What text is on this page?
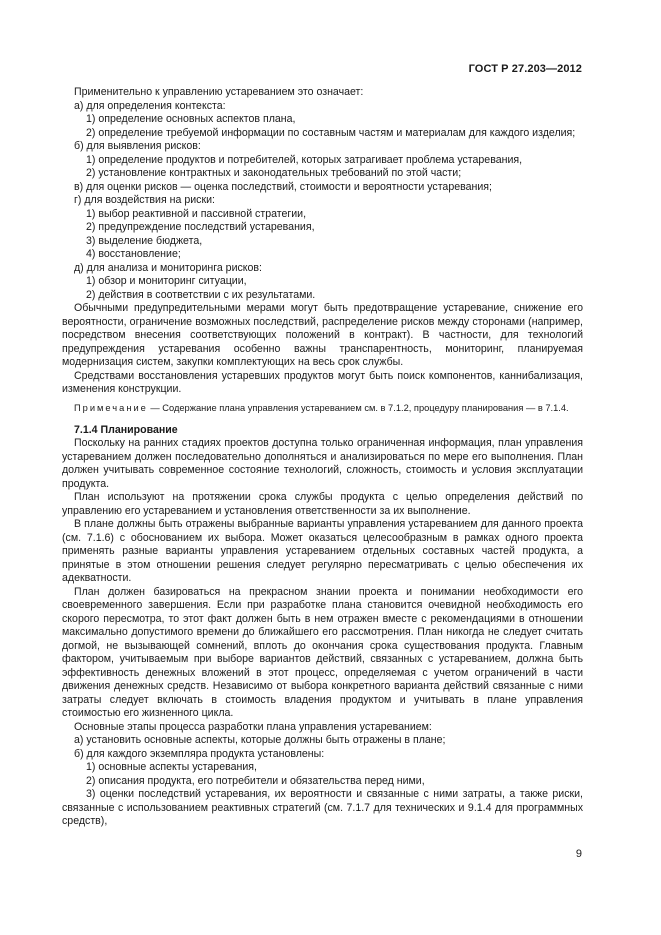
ГОСТ Р 27.203—2012

Применительно к управлению устареванием это означает:

а) для определения контекста:

1) определение основных аспектов плана,

2) определение требуемой информации по составным частям и материалам для каждого изделия;

б) для выявления рисков:

1) определение продуктов и потребителей, которых затрагивает проблема устаревания,

2) установление контрактных и законодательных требований по этой части;

в) для оценки рисков — оценка последствий, стоимости и вероятности устаревания;

г) для воздействия на риски:

1) выбор реактивной и пассивной стратегии,

2) предупреждение последствий устаревания,

3) выделение бюджета,

4) восстановление;

д) для анализа и мониторинга рисков:

1) обзор и мониторинг ситуации,

2) действия в соответствии с их результатами.

Обычными предупредительными мерами могут быть предотвращение устаревание, снижение его вероятности, ограничение возможных последствий, распределение рисков между сторонами (например, посредством внесения соответствующих положений в контракт). В частности, для технологий предупреждения устаревания особенно важны транспарентность, мониторинг, планируемая модернизация систем, закупки комплектующих на весь срок службы.

Средствами восстановления устаревших продуктов могут быть поиск компонентов, каннибализация, изменения конструкции.

Примечание — Содержание плана управления устареванием см. в 7.1.2, процедуру планирования — в 7.1.4.

7.1.4 Планирование

Поскольку на ранних стадиях проектов доступна только ограниченная информация, план управления устареванием должен последовательно дополняться и анализироваться по мере его выполнения. План должен учитывать современное состояние технологий, сложность, стоимость и условия эксплуатации продукта.

План используют на протяжении срока службы продукта с целью определения действий по управлению его устареванием и установления ответственности за их выполнение.

В плане должны быть отражены выбранные варианты управления устареванием для данного проекта (см. 7.1.6) с обоснованием их выбора. Может оказаться целесообразным в рамках одного проекта применять разные варианты управления устареванием отдельных составных частей продукта, а принятые в этом отношении решения следует регулярно пересматривать с целью обеспечения их адекватности.

План должен базироваться на прекрасном знании проекта и понимании необходимости его своевременного завершения. Если при разработке плана становится очевидной необходимость его скорого пересмотра, то этот факт должен быть в нем отражен вместе с рекомендациями в отношении максимально допустимого времени до ближайшего его рассмотрения. План никогда не следует считать догмой, не вызывающей сомнений, вплоть до окончания срока существования продукта. Главным фактором, учитываемым при выборе вариантов действий, связанных с устареванием, должна быть эффективность денежных вложений в этот процесс, определяемая с учетом ограничений в части движения денежных средств. Независимо от выбора конкретного варианта действий связанные с ними затраты следует включать в стоимость владения продуктом и учитывать в плане управления стоимостью его жизненного цикла.

Основные этапы процесса разработки плана управления устареванием:

а) установить основные аспекты, которые должны быть отражены в плане;

б) для каждого экземпляра продукта установлены:

1) основные аспекты устаревания,

2) описания продукта, его потребители и обязательства перед ними,

3) оценки последствий устаревания, их вероятности и связанные с ними затраты, а также риски, связанные с использованием реактивных стратегий (см. 7.1.7 для технических и 9.1.4 для программных средств),

9
